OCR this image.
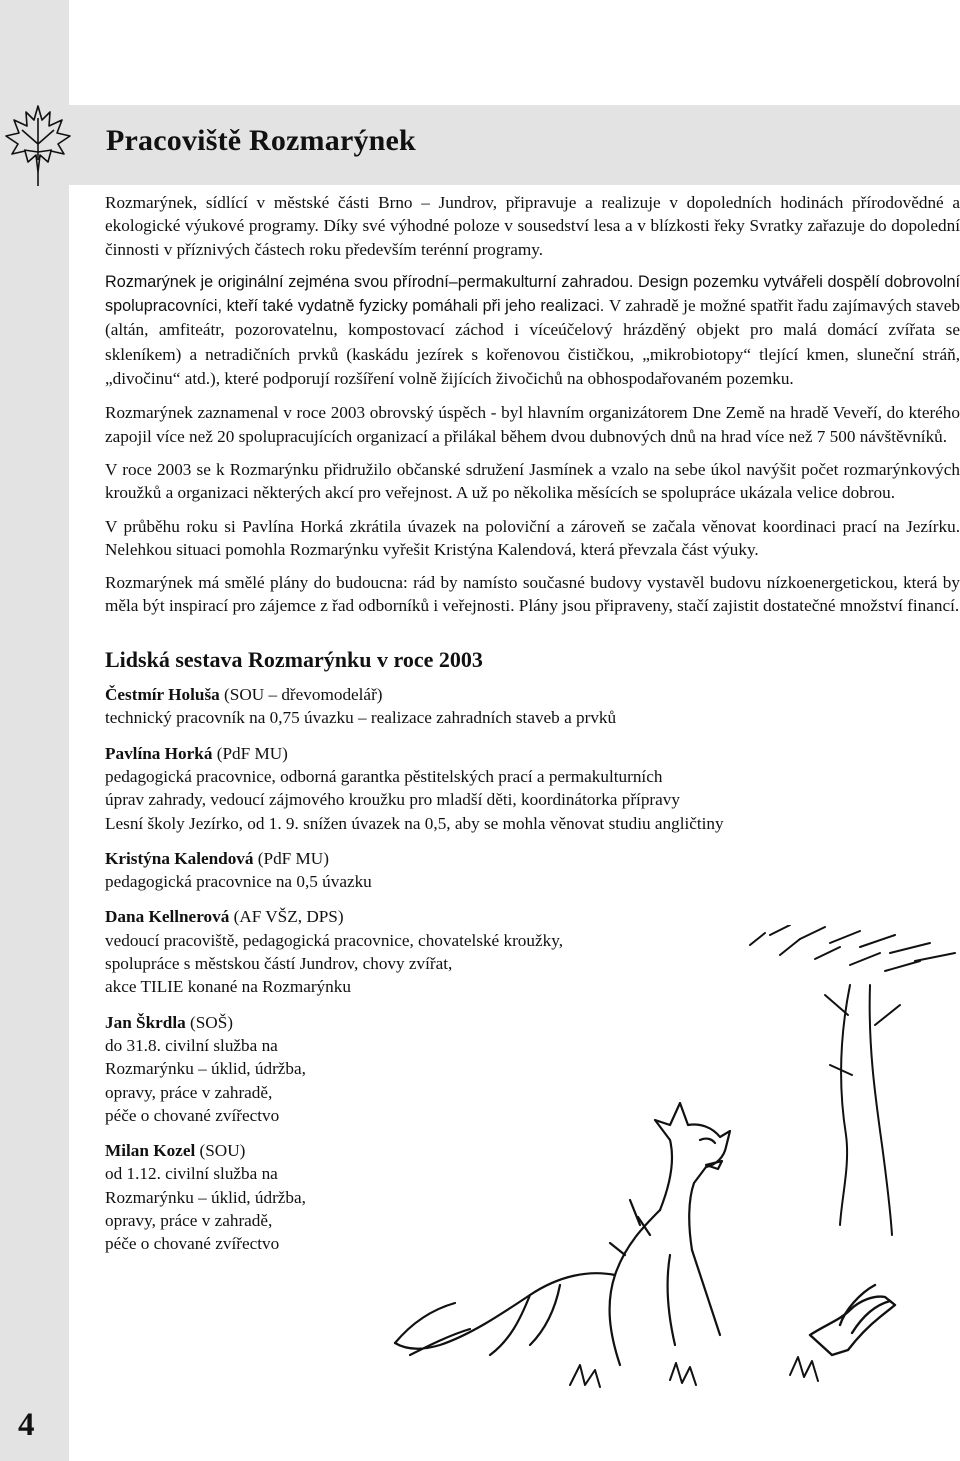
Pracoviště Rozmarýnek
4

Rozmarýnek, sídlící v městské části Brno – Jundrov, připravuje a realizuje v dopoledních hodinách přírodovědné a ekologické výukové programy. Díky své výhodné poloze v sousedství lesa a v blízkosti řeky Svratky zařazuje do dopolední činnosti v příznivých částech roku především terénní programy.

Rozmarýnek je originální zejména svou přírodní–permakulturní zahradou. Design pozemku vytvářeli dospělí dobrovolní spolupracovníci, kteří také vydatně fyzicky pomáhali při jeho realizaci. V zahradě je možné spatřit řadu zajímavých staveb (altán, amfiteátr, pozorovatelnu, kompostovací záchod i víceúčelový hrázděný objekt pro malá domácí zvířata se skleníkem) a netradičních prvků (kaskádu jezírek s kořenovou čističkou, „mikrobiotopy“ tlející kmen, sluneční stráň, „divočinu“ atd.), které podporují rozšíření volně žijících živočichů na obhospodařovaném pozemku.

Rozmarýnek zaznamenal v roce 2003 obrovský úspěch - byl hlavním organizátorem Dne Země na hradě Veveří, do kterého zapojil více než 20 spolupracujících organizací a přilákal během dvou dubnových dnů na hrad více než 7 500 návštěvníků.

V roce 2003 se k Rozmarýnku přidružilo občanské sdružení Jasmínek a vzalo na sebe úkol navýšit počet rozmarýnkových kroužků a organizaci některých akcí pro veřejnost. A už po několika měsících se spolupráce ukázala velice dobrou.

V průběhu roku si Pavlína Horká zkrátila úvazek na poloviční a zároveň se začala věnovat koordinaci prací na Jezírku. Nelehkou situaci pomohla Rozmarýnku vyřešit Kristýna Kalendová, která převzala část výuky.

Rozmarýnek má smělé plány do budoucna: rád by namísto současné budovy vystavěl budovu nízkoenergetickou, která by měla být inspirací pro zájemce z řad odborníků i veřejnosti. Plány jsou připraveny, stačí zajistit dostatečné množství financí.

Lidská sestava Rozmarýnku v roce 2003
Čestmír Holuša (SOU – dřevomodelář)
technický pracovník na 0,75 úvazku – realizace zahradních staveb a prvků
Pavlína Horká (PdF MU)
pedagogická pracovnice, odborná garantka pěstitelských prací a permakulturních
úprav zahrady, vedoucí zájmového kroužku pro mladší děti, koordinátorka přípravy
Lesní školy Jezírko, od 1. 9. snížen úvazek na 0,5, aby se mohla věnovat studiu angličtiny
Kristýna Kalendová (PdF MU)
pedagogická pracovnice na 0,5 úvazku
Dana Kellnerová (AF VŠZ, DPS)
vedoucí pracoviště, pedagogická pracovnice, chovatelské kroužky,
spolupráce s městskou částí Jundrov, chovy zvířat,
akce TILIE konané na Rozmarýnku
Jan Škrdla (SOŠ)
do 31.8. civilní služba na
Rozmarýnku – úklid, údržba,
opravy, práce v zahradě,
péče o chované zvířectvo
Milan Kozel (SOU)
od 1.12. civilní služba na
Rozmarýnku – úklid, údržba,
opravy, práce v zahradě,
péče o chované zvířectvo
